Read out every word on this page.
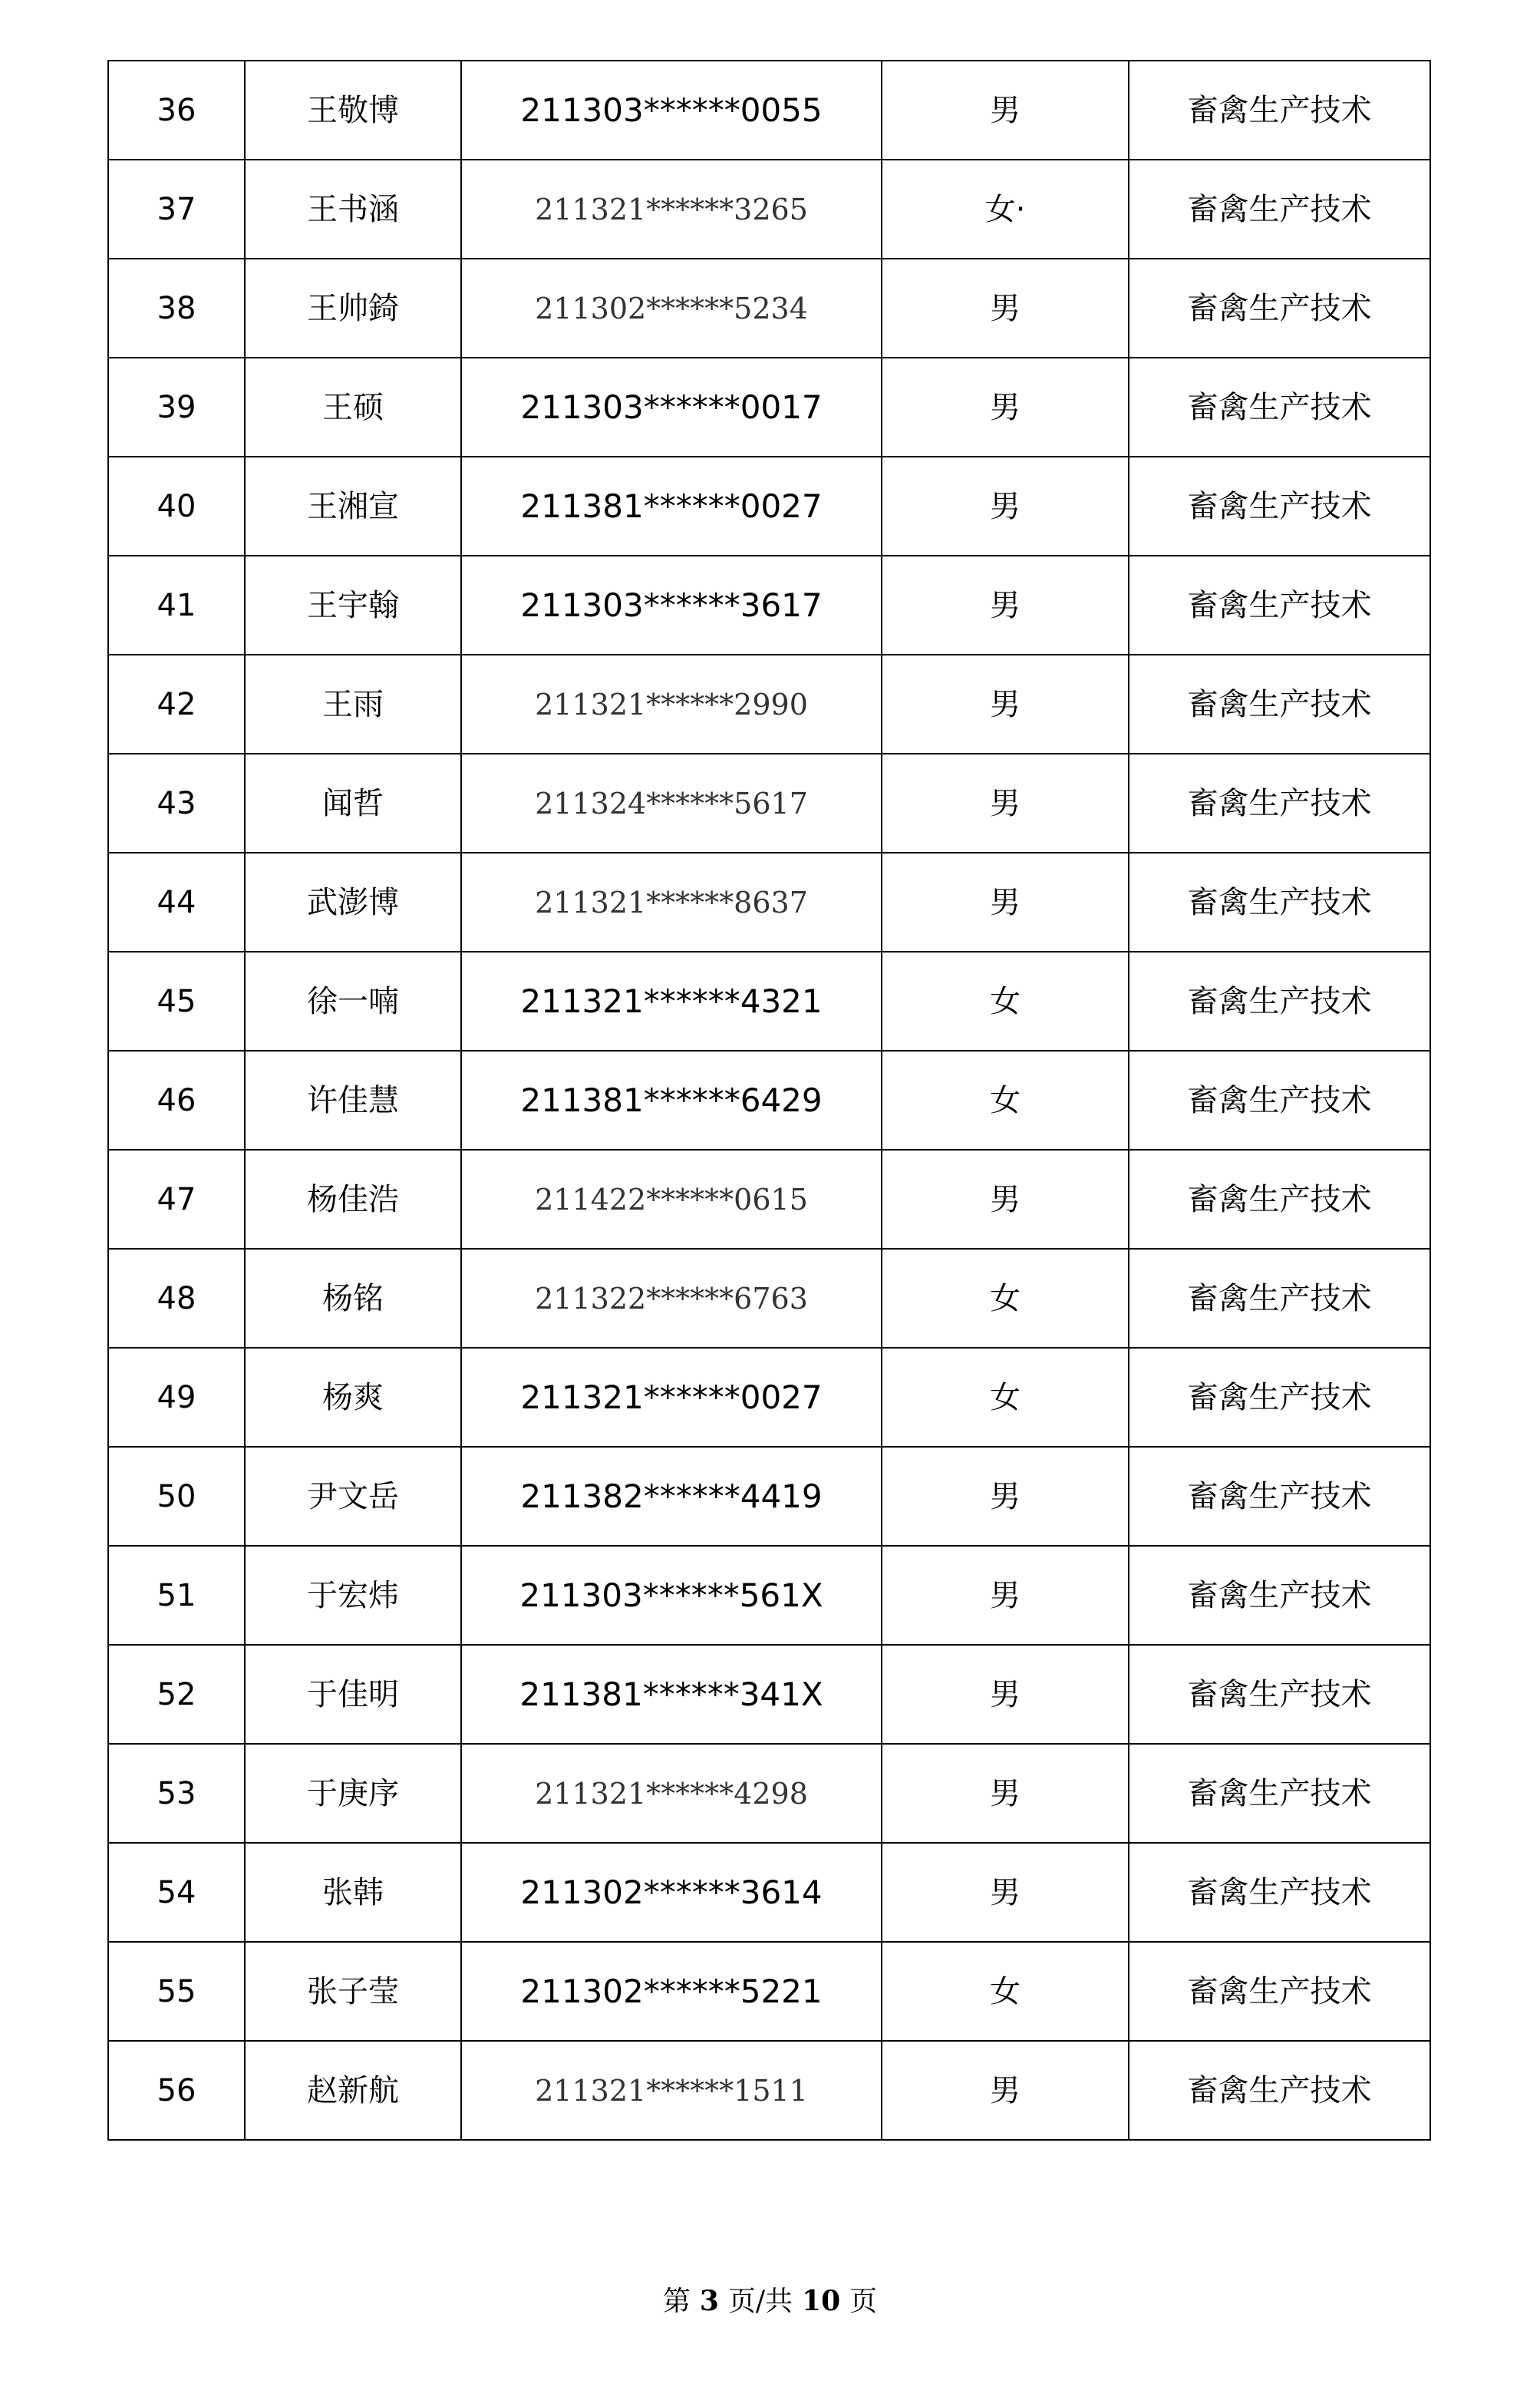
36	王敬博	211303******0055	男	畜禽生产技术
37	王书涵	211321******3265	女·	畜禽生产技术
38	王帅錡	211302******5234	男	畜禽生产技术
39	王硕	211303******0017	男	畜禽生产技术
40	王湘宣	211381******0027	男	畜禽生产技术
41	王宇翰	211303******3617	男	畜禽生产技术
42	王雨	211321******2990	男	畜禽生产技术
43	闻哲	211324******5617	男	畜禽生产技术
44	武澎博	211321******8637	男	畜禽生产技术
45	徐一喃	211321******4321	女	畜禽生产技术
46	许佳慧	211381******6429	女	畜禽生产技术
47	杨佳浩	211422******0615	男	畜禽生产技术
48	杨铭	211322******6763	女	畜禽生产技术
49	杨爽	211321******0027	女	畜禽生产技术
50	尹文岳	211382******4419	男	畜禽生产技术
51	于宏炜	211303******561X	男	畜禽生产技术
52	于佳明	211381******341X	男	畜禽生产技术
53	于庚序	211321******4298	男	畜禽生产技术
54	张韩	211302******3614	男	畜禽生产技术
55	张子莹	211302******5221	女	畜禽生产技术
56	赵新航	211321******1511	男	畜禽生产技术
第 3 页/共 10 页
